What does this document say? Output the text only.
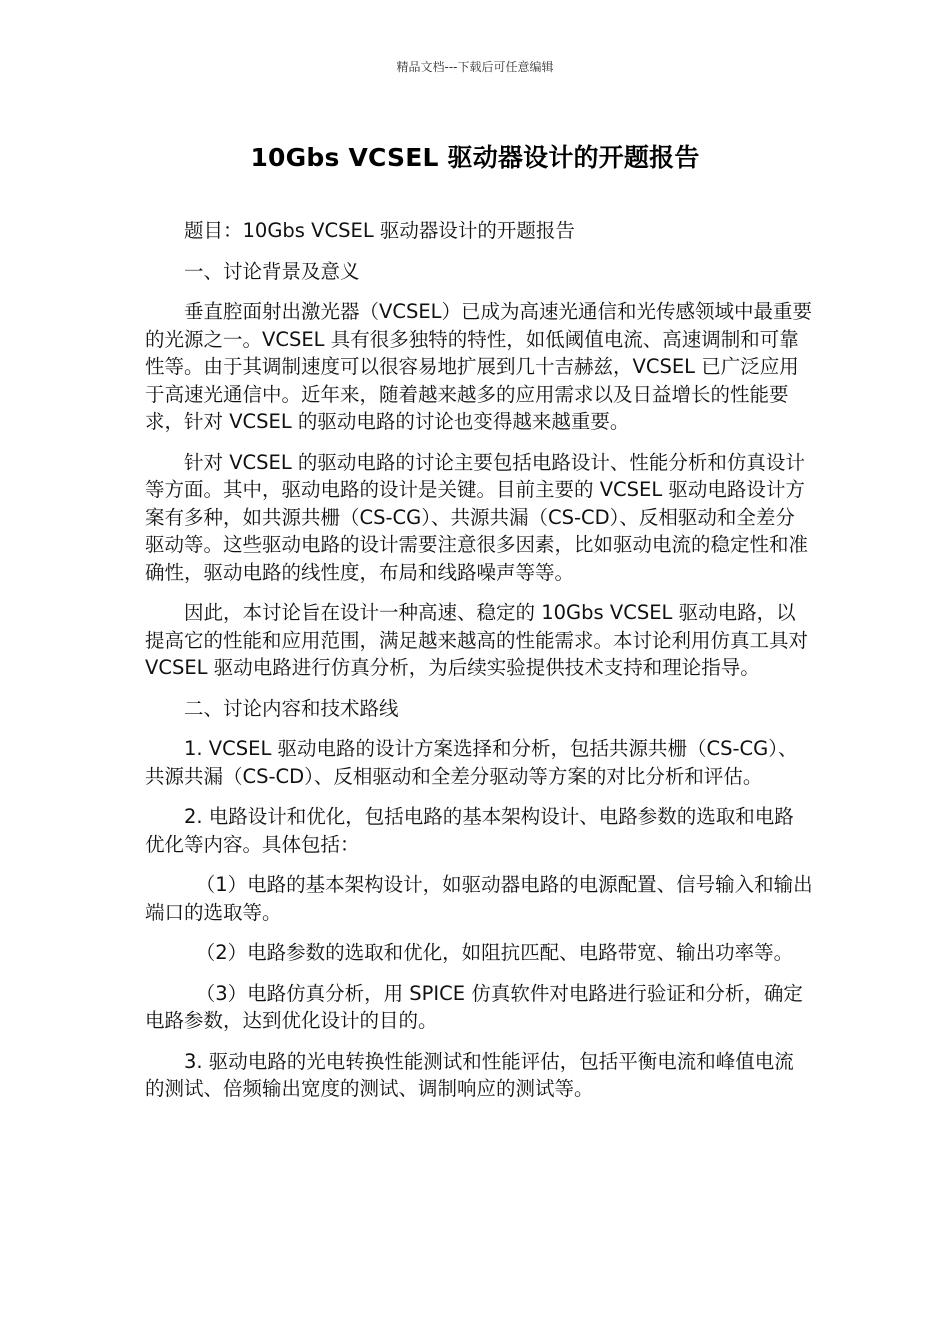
精品文档---下载后可任意编辑
10Gbs VCSEL 驱动器设计的开题报告

题目：10Gbs VCSEL 驱动器设计的开题报告

一、讨论背景及意义

垂直腔面射出激光器（VCSEL）已成为高速光通信和光传感领域中最重要的光源之一。VCSEL 具有很多独特的特性，如低阈值电流、高速调制和可靠性等。由于其调制速度可以很容易地扩展到几十吉赫兹，VCSEL 已广泛应用于高速光通信中。近年来，随着越来越多的应用需求以及日益增长的性能要求，针对 VCSEL 的驱动电路的讨论也变得越来越重要。

针对 VCSEL 的驱动电路的讨论主要包括电路设计、性能分析和仿真设计等方面。其中，驱动电路的设计是关键。目前主要的 VCSEL 驱动电路设计方案有多种，如共源共栅（CS-CG）、共源共漏（CS-CD）、反相驱动和全差分驱动等。这些驱动电路的设计需要注意很多因素，比如驱动电流的稳定性和准确性，驱动电路的线性度，布局和线路噪声等等。

因此，本讨论旨在设计一种高速、稳定的 10Gbs VCSEL 驱动电路，以提高它的性能和应用范围，满足越来越高的性能需求。本讨论利用仿真工具对 VCSEL 驱动电路进行仿真分析，为后续实验提供技术支持和理论指导。

二、讨论内容和技术路线

1. VCSEL 驱动电路的设计方案选择和分析，包括共源共栅（CS-CG）、共源共漏（CS-CD）、反相驱动和全差分驱动等方案的对比分析和评估。

2. 电路设计和优化，包括电路的基本架构设计、电路参数的选取和电路优化等内容。具体包括：

（1）电路的基本架构设计，如驱动器电路的电源配置、信号输入和输出端口的选取等。

（2）电路参数的选取和优化，如阻抗匹配、电路带宽、输出功率等。

（3）电路仿真分析，用 SPICE 仿真软件对电路进行验证和分析，确定电路参数，达到优化设计的目的。

3. 驱动电路的光电转换性能测试和性能评估，包括平衡电流和峰值电流的测试、倍频输出宽度的测试、调制响应的测试等。
